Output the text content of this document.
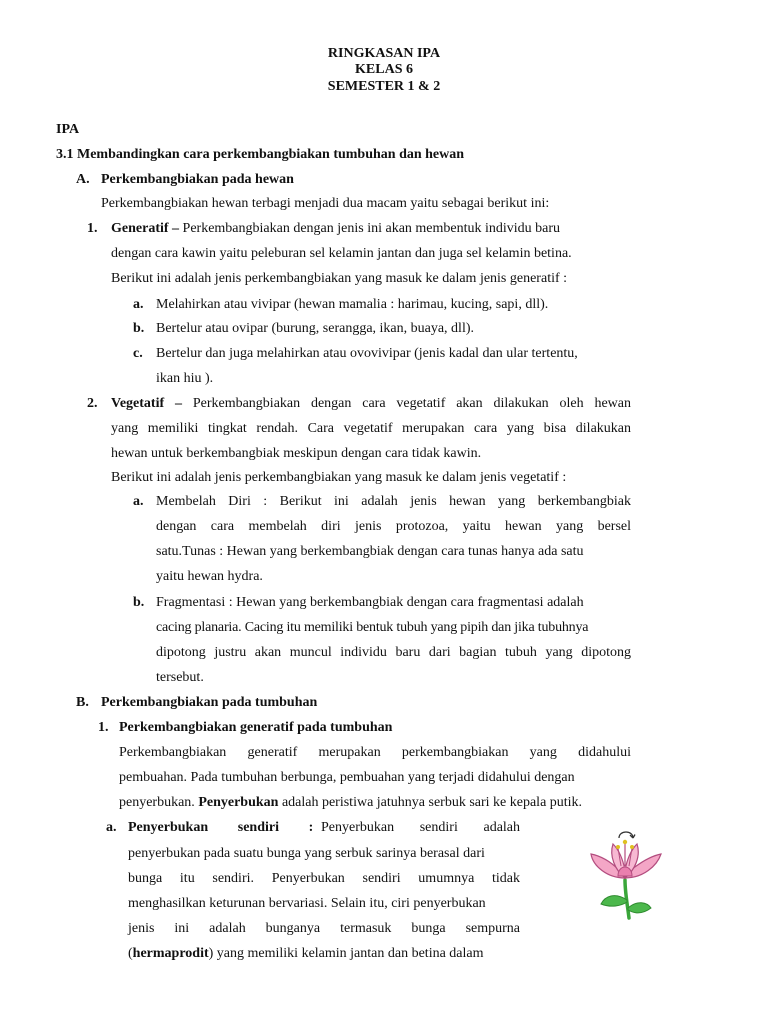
RINGKASAN IPA
KELAS 6
SEMESTER 1 & 2
IPA
3.1 Membandingkan cara perkembangbiakan tumbuhan dan hewan
A. Perkembangbiakan pada hewan
Perkembangbiakan hewan terbagi menjadi dua macam yaitu sebagai berikut ini:
1. Generatif – Perkembangbiakan dengan jenis ini akan membentuk individu baru
dengan cara kawin yaitu peleburan sel kelamin jantan dan juga sel kelamin betina.
Berikut ini adalah jenis perkembangbiakan yang masuk ke dalam jenis generatif :
a. Melahirkan atau vivipar (hewan mamalia : harimau, kucing, sapi, dll).
b. Bertelur atau ovipar (burung, serangga, ikan, buaya, dll).
c. Bertelur dan juga melahirkan atau ovovivipar (jenis kadal dan ular tertentu,
ikan hiu ).
2. Vegetatif – Perkembangbiakan dengan cara vegetatif akan dilakukan oleh hewan
yang memiliki tingkat rendah. Cara vegetatif merupakan cara yang bisa dilakukan
hewan untuk berkembangbiak meskipun dengan cara tidak kawin.
Berikut ini adalah jenis perkembangbiakan yang masuk ke dalam jenis vegetatif :
a. Membelah Diri : Berikut ini adalah jenis hewan yang berkembangbiak
dengan cara membelah diri jenis protozoa, yaitu hewan yang bersel
satu.Tunas : Hewan yang berkembangbiak dengan cara tunas hanya ada satu
yaitu hewan hydra.
b. Fragmentasi : Hewan yang berkembangbiak dengan cara fragmentasi adalah
cacing planaria. Cacing itu memiliki bentuk tubuh yang pipih dan jika tubuhnya
dipotong justru akan muncul individu baru dari bagian tubuh yang dipotong
tersebut.
B. Perkembangbiakan pada tumbuhan
1. Perkembangbiakan generatif pada tumbuhan
Perkembangbiakan generatif merupakan perkembangbiakan yang didahului
pembuahan. Pada tumbuhan berbunga, pembuahan yang terjadi didahului dengan
penyerbukan. Penyerbukan adalah peristiwa jatuhnya serbuk sari ke kepala putik.
a. Penyerbukan sendiri : Penyerbukan sendiri adalah
penyerbukan pada suatu bunga yang serbuk sarinya berasal dari
bunga itu sendiri. Penyerbukan sendiri umumnya tidak
menghasilkan keturunan bervariasi. Selain itu, ciri penyerbukan
jenis ini adalah bunganya termasuk bunga sempurna
(hermaprodit) yang memiliki kelamin jantan dan betina dalam
